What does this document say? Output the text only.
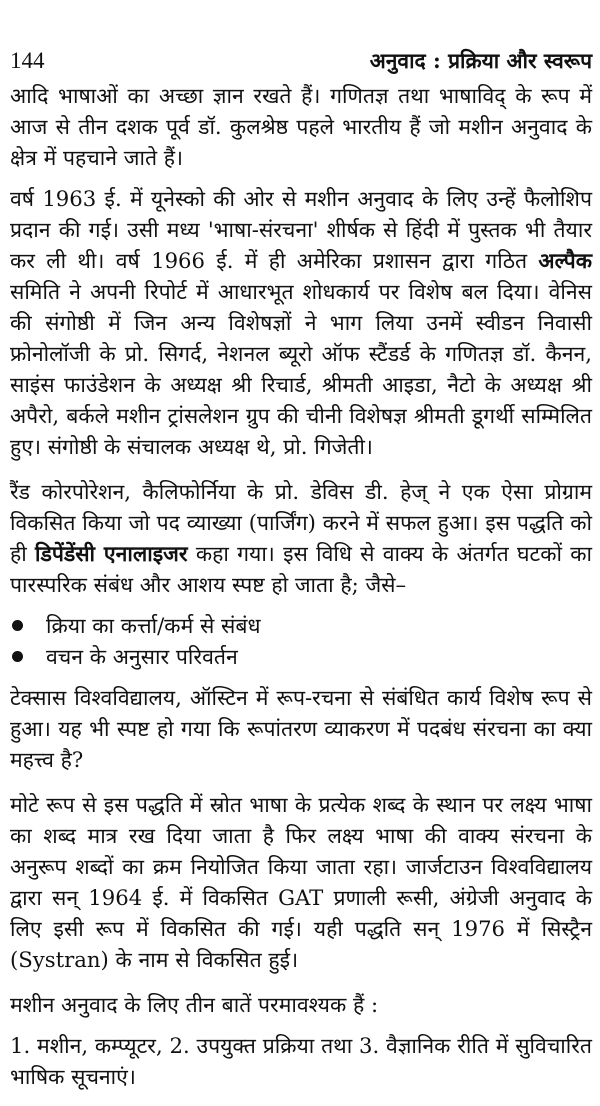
144	अनुवाद : प्रक्रिया और स्वरूप

आदि भाषाओं का अच्छा ज्ञान रखते हैं। गणितज्ञ तथा भाषाविद् के रूप में आज से तीन दशक पूर्व डॉ. कुलश्रेष्ठ पहले भारतीय हैं जो मशीन अनुवाद के क्षेत्र में पहचाने जाते हैं।

वर्ष 1963 ई. में यूनेस्को की ओर से मशीन अनुवाद के लिए उन्हें फैलोशिप प्रदान की गई। उसी मध्य 'भाषा-संरचना' शीर्षक से हिंदी में पुस्तक भी तैयार कर ली थी। वर्ष 1966 ई. में ही अमेरिका प्रशासन द्वारा गठित अल्पैक समिति ने अपनी रिपोर्ट में आधारभूत शोधकार्य पर विशेष बल दिया। वेनिस की संगोष्ठी में जिन अन्य विशेषज्ञों ने भाग लिया उनमें स्वीडन निवासी फ्रोनोलॉजी के प्रो. सिगर्द, नेशनल ब्यूरो ऑफ स्टैंडर्ड के गणितज्ञ डॉ. कैनन, साइंस फाउंडेशन के अध्यक्ष श्री रिचार्ड, श्रीमती आइडा, नैटो के अध्यक्ष श्री अपैरो, बर्कले मशीन ट्रांसलेशन ग्रुप की चीनी विशेषज्ञ श्रीमती डूगर्थी सम्मिलित हुए। संगोष्ठी के संचालक अध्यक्ष थे, प्रो. गिजेती।

रैंड कोरपोरेशन, कैलिफोर्निया के प्रो. डेविस डी. हेज् ने एक ऐसा प्रोग्राम विकसित किया जो पद व्याख्या (पार्जिंग) करने में सफल हुआ। इस पद्धति को ही डिपेंडेंसी एनालाइजर कहा गया। इस विधि से वाक्य के अंतर्गत घटकों का पारस्परिक संबंध और आशय स्पष्ट हो जाता है; जैसे–

क्रिया का कर्त्ता/कर्म से संबंध
वचन के अनुसार परिवर्तन

टेक्सास विश्वविद्यालय, ऑस्टिन में रूप-रचना से संबंधित कार्य विशेष रूप से हुआ। यह भी स्पष्ट हो गया कि रूपांतरण व्याकरण में पदबंध संरचना का क्या महत्त्व है?

मोटे रूप से इस पद्धति में स्रोत भाषा के प्रत्येक शब्द के स्थान पर लक्ष्य भाषा का शब्द मात्र रख दिया जाता है फिर लक्ष्य भाषा की वाक्य संरचना के अनुरूप शब्दों का क्रम नियोजित किया जाता रहा। जार्जटाउन विश्वविद्यालय द्वारा सन् 1964 ई. में विकसित GAT प्रणाली रूसी, अंग्रेजी अनुवाद के लिए इसी रूप में विकसित की गई। यही पद्धति सन् 1976 में सिस्ट्रैन (Systran) के नाम से विकसित हुई।

मशीन अनुवाद के लिए तीन बातें परमावश्यक हैं :

1. मशीन, कम्प्यूटर, 2. उपयुक्त प्रक्रिया तथा 3. वैज्ञानिक रीति में सुविचारित भाषिक सूचनाएं।
